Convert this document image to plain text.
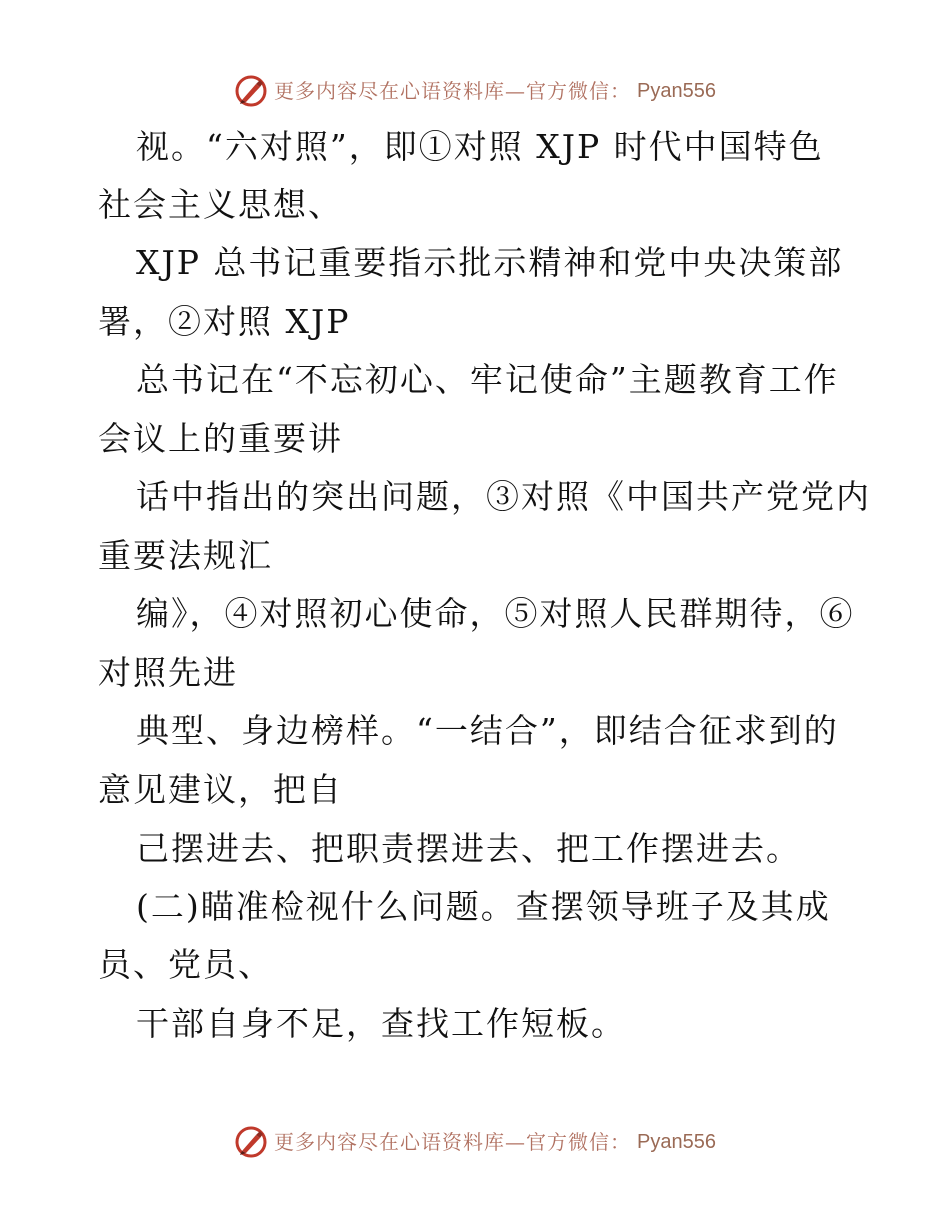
更多内容尽在心语资料库—官方微信： Pyan556
视。“六对照”，即①对照 XJP 时代中国特色
社会主义思想、
XJP 总书记重要指示批示精神和党中央决策部
署，②对照 XJP
总书记在“不忘初心、牢记使命”主题教育工作
会议上的重要讲
话中指出的突出问题，③对照《中国共产党党内
重要法规汇
编》，④对照初心使命，⑤对照人民群期待，⑥
对照先进
典型、身边榜样。“一结合”，即结合征求到的
意见建议，把自
己摆进去、把职责摆进去、把工作摆进去。
(二)瞄准检视什么问题。查摆领导班子及其成
员、党员、
干部自身不足，查找工作短板。
更多内容尽在心语资料库—官方微信： Pyan556
